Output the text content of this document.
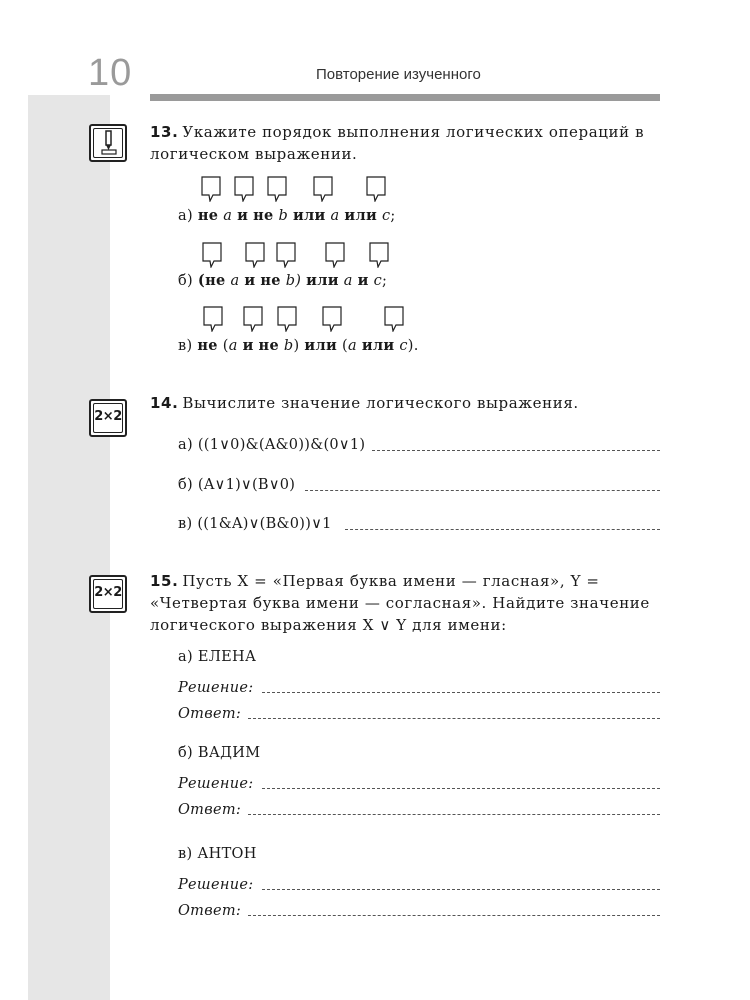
10	Повторение изученного
13. Укажите порядок выполнения логических операций в логическом выражении.
а) не a и не b или a или c;
б) (не a и не b) или a и c;
в) не (a и не b) или (a или c).
2×2
14. Вычислите значение логического выражения.
а) ((1∨0)&(A&0))&(0∨1)
б) (A∨1)∨(B∨0)
в) ((1&A)∨(B&0))∨1
2×2
15. Пусть X = «Первая буква имени — гласная», Y = «Четвертая буква имени — согласная». Найдите значение логического выражения X ∨ Y для имени:
а) ЕЛЕНА
Решение:
Ответ:
б) ВАДИМ
Решение:
Ответ:
в) АНТОН
Решение:
Ответ:
